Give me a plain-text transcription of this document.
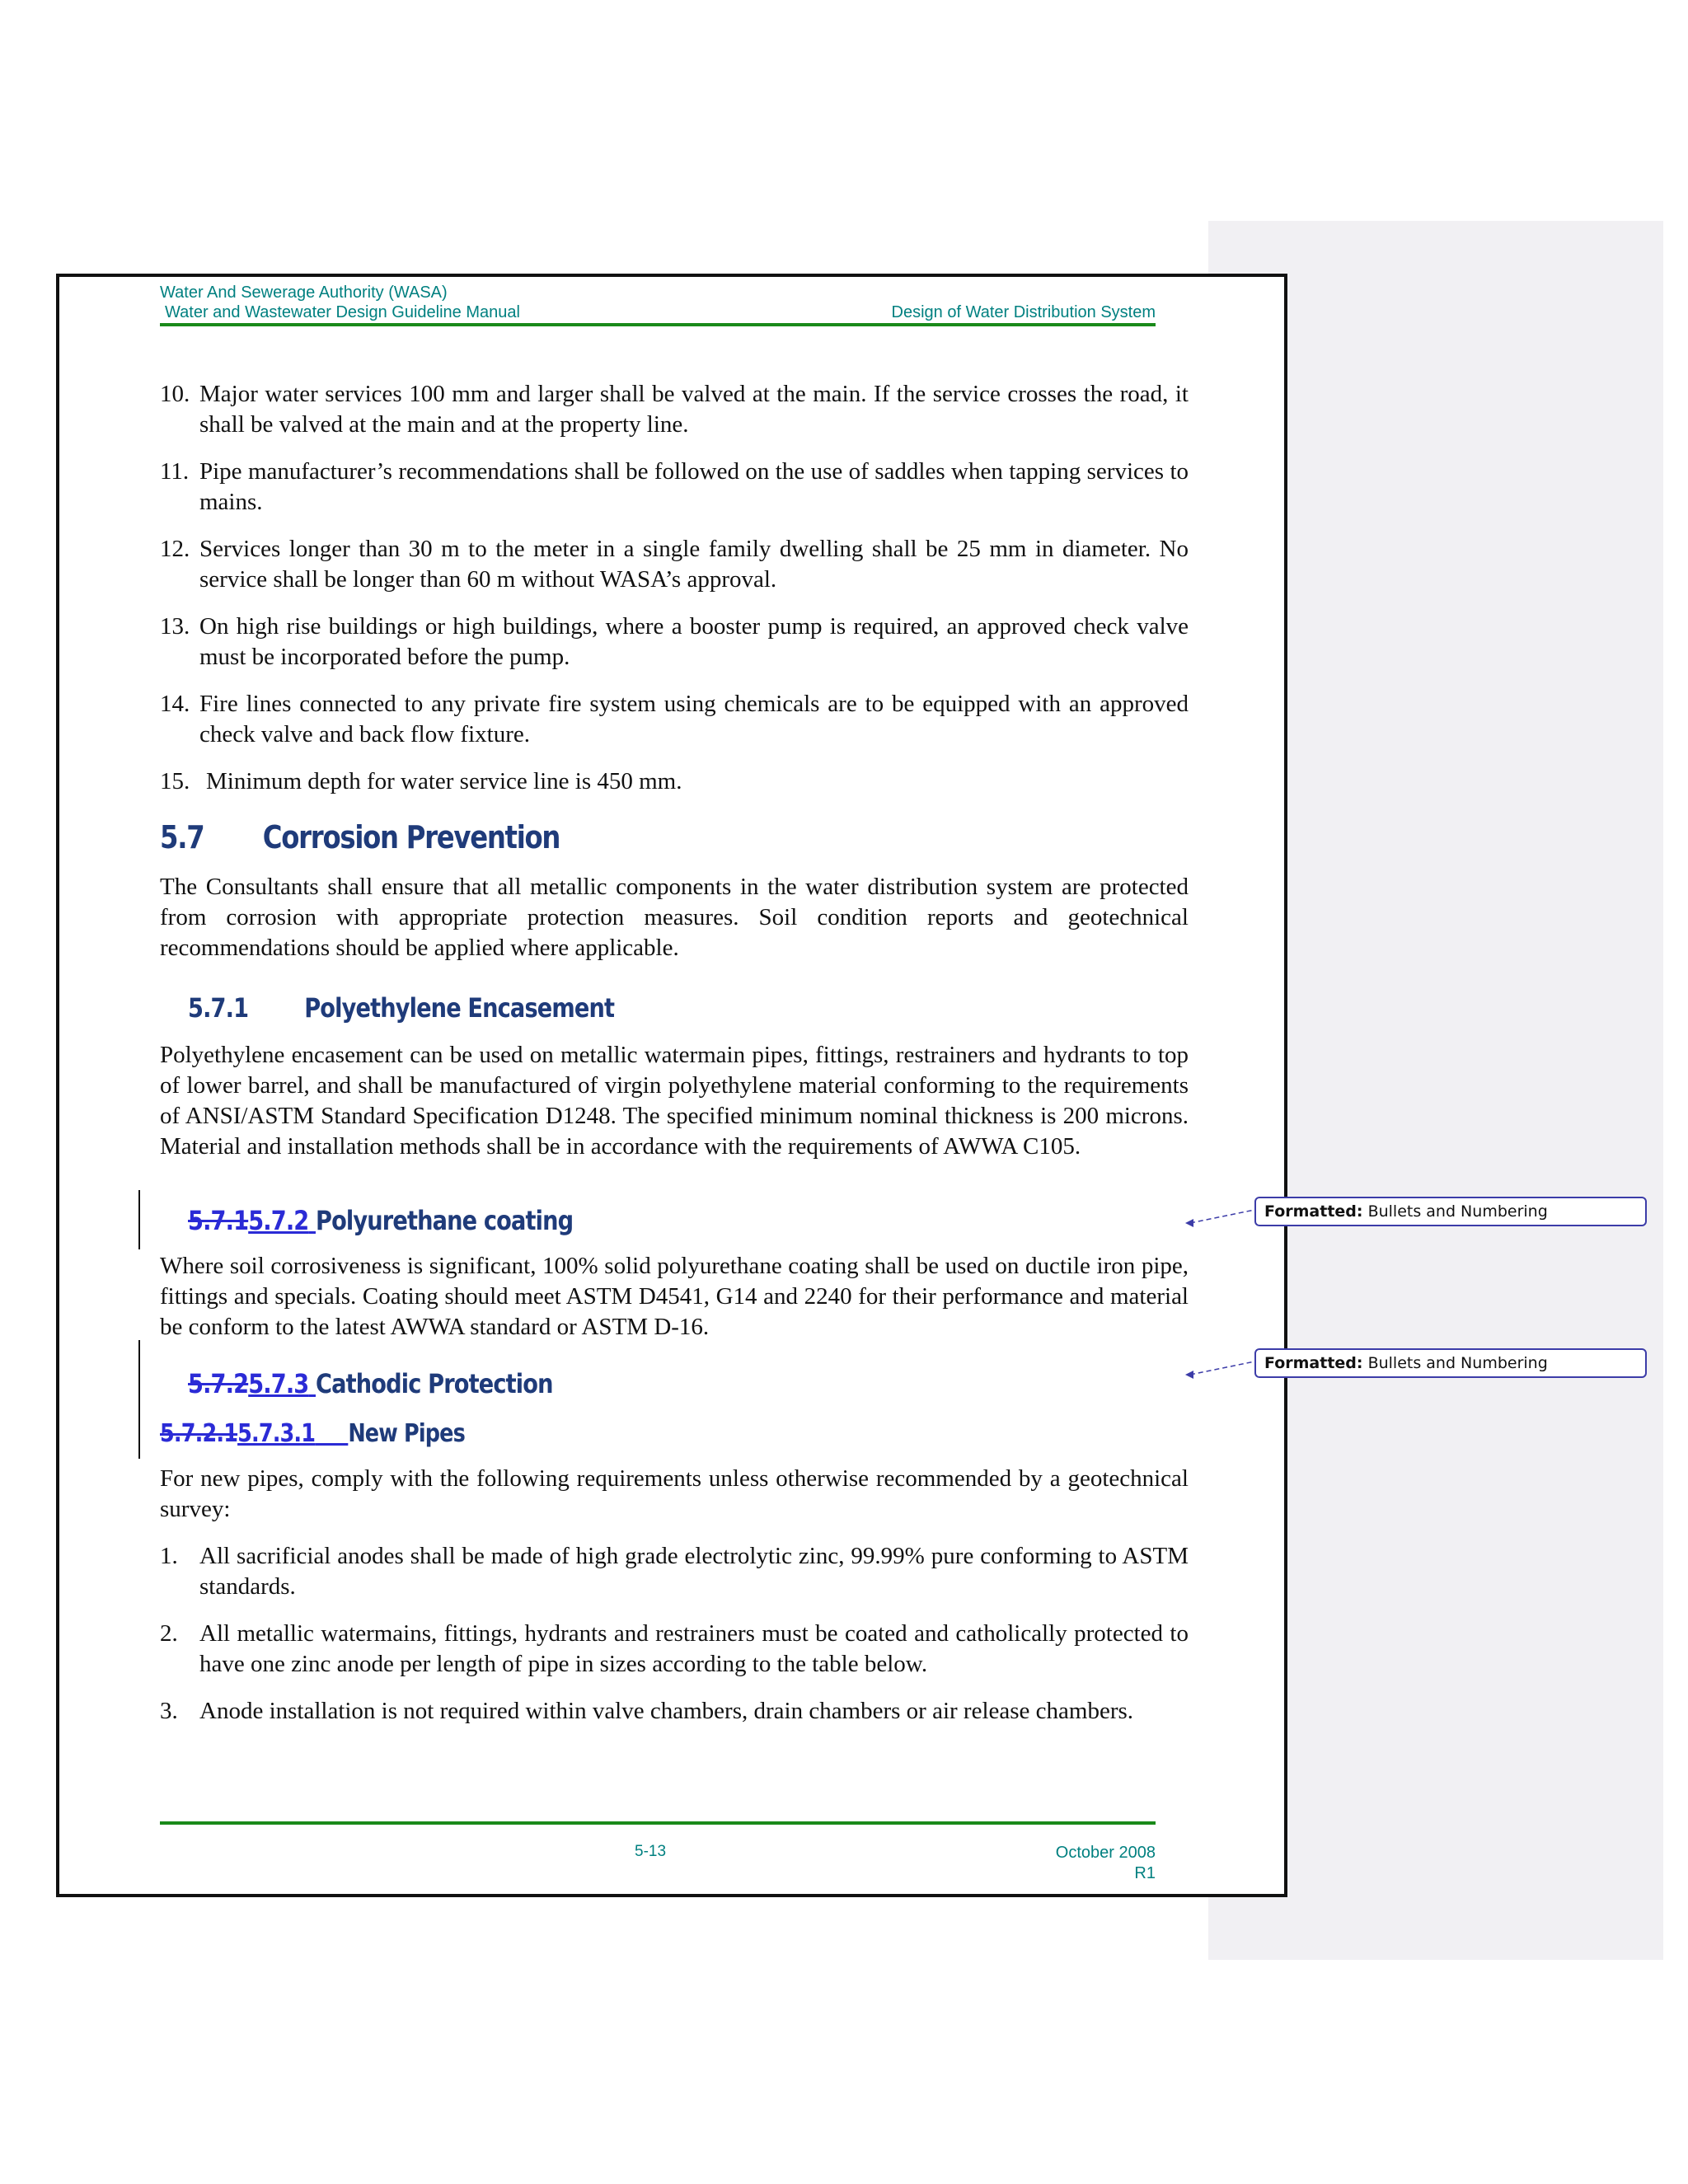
Water And Sewerage Authority (WASA)
Water and Wastewater Design Guideline Manual	Design of Water Distribution System
10. Major water services 100 mm and larger shall be valved at the main. If the service crosses the road, it shall be valved at the main and at the property line.
11. Pipe manufacturer’s recommendations shall be followed on the use of saddles when tapping services to mains.
12. Services longer than 30 m to the meter in a single family dwelling shall be 25 mm in diameter. No service shall be longer than 60 m without WASA’s approval.
13. On high rise buildings or high buildings, where a booster pump is required, an approved check valve must be incorporated before the pump.
14. Fire lines connected to any private fire system using chemicals are to be equipped with an approved check valve and back flow fixture.
15. Minimum depth for water service line is 450 mm.
5.7 Corrosion Prevention
The Consultants shall ensure that all metallic components in the water distribution system are protected from corrosion with appropriate protection measures. Soil condition reports and geotechnical recommendations should be applied where applicable.
5.7.1 Polyethylene Encasement
Polyethylene encasement can be used on metallic watermain pipes, fittings, restrainers and hydrants to top of lower barrel, and shall be manufactured of virgin polyethylene material conforming to the requirements of ANSI/ASTM Standard Specification D1248. The specified minimum nominal thickness is 200 microns. Material and installation methods shall be in accordance with the requirements of AWWA C105.
5.7.15.7.2 Polyurethane coating
Where soil corrosiveness is significant, 100% solid polyurethane coating shall be used on ductile iron pipe, fittings and specials. Coating should meet ASTM D4541, G14 and 2240 for their performance and material be conform to the latest AWWA standard or ASTM D-16.
5.7.25.7.3 Cathodic Protection
5.7.2.15.7.3.1 New Pipes
For new pipes, comply with the following requirements unless otherwise recommended by a geotechnical survey:
1. All sacrificial anodes shall be made of high grade electrolytic zinc, 99.99% pure conforming to ASTM standards.
2. All metallic watermains, fittings, hydrants and restrainers must be coated and catholically protected to have one zinc anode per length of pipe in sizes according to the table below.
3. Anode installation is not required within valve chambers, drain chambers or air release chambers.
5-13	October 2008
R1
Formatted: Bullets and Numbering
Formatted: Bullets and Numbering
